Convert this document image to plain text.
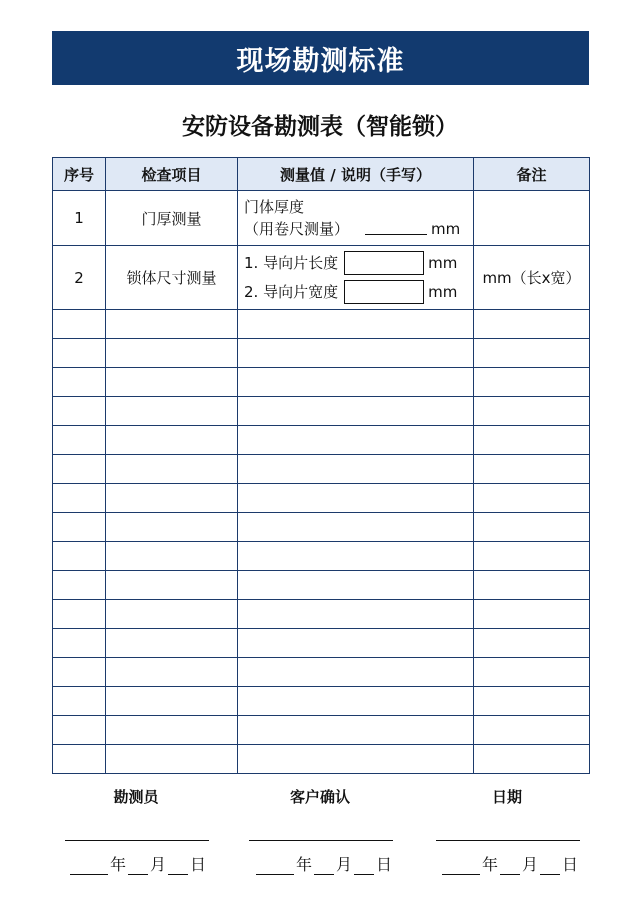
现场勘测标准
安防设备勘测表（智能锁）
序号	检查项目	测量值 / 说明（手写）	备注
1	门厚测量	门体厚度
（用卷尺测量） mm	

2	锁体尺寸测量	1. 导向片长度 mm
2. 导向片宽度 mm	mm（长x宽）

勘测员	客户确认	日期
年 月 日	年 月 日	年 月 日
